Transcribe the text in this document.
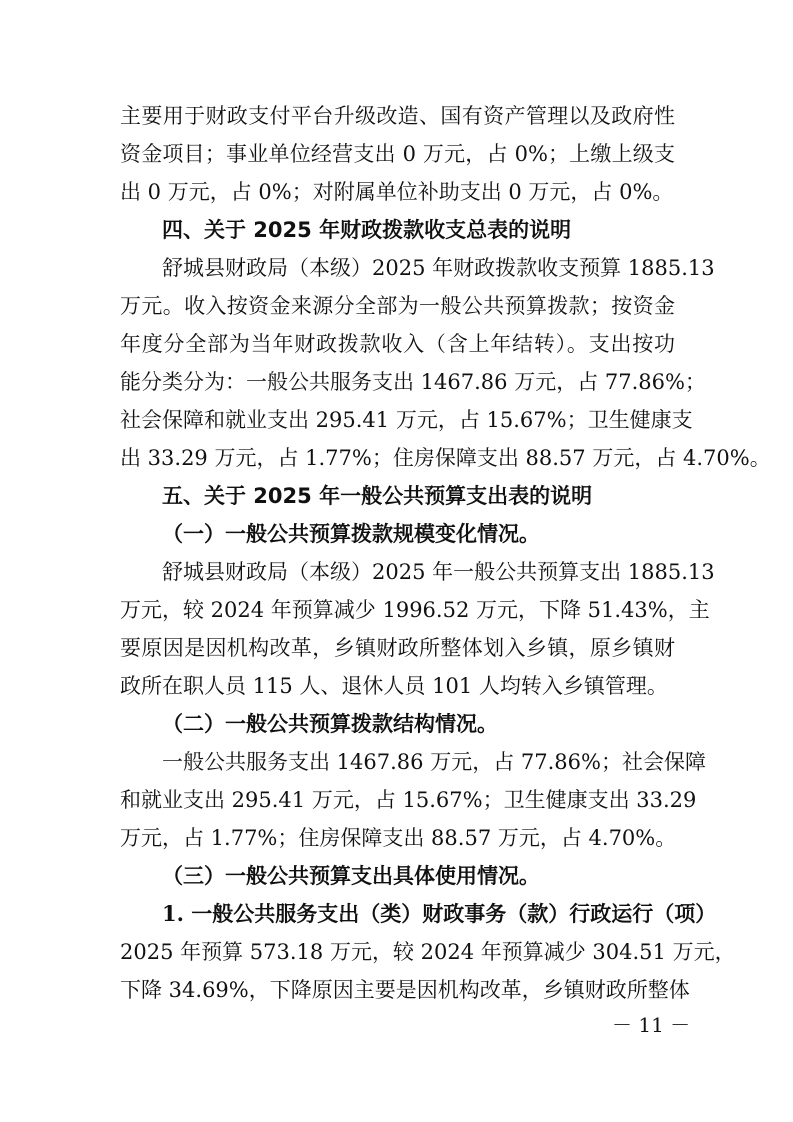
主要用于财政支付平台升级改造、国有资产管理以及政府性
资金项目；事业单位经营支出 0 万元，占 0%；上缴上级支
出 0 万元，占 0%；对附属单位补助支出 0 万元，占 0%。
四、关于 2025 年财政拨款收支总表的说明
舒城县财政局（本级）2025 年财政拨款收支预算 1885.13
万元。收入按资金来源分全部为一般公共预算拨款；按资金
年度分全部为当年财政拨款收入（含上年结转）。支出按功
能分类分为：一般公共服务支出 1467.86 万元，占 77.86%；
社会保障和就业支出 295.41 万元，占 15.67%；卫生健康支
出 33.29 万元，占 1.77%；住房保障支出 88.57 万元，占 4.70%。
五、关于 2025 年一般公共预算支出表的说明
（一）一般公共预算拨款规模变化情况。
舒城县财政局（本级）2025 年一般公共预算支出 1885.13
万元，较 2024 年预算减少 1996.52 万元，下降 51.43%，主
要原因是因机构改革，乡镇财政所整体划入乡镇，原乡镇财
政所在职人员 115 人、退休人员 101 人均转入乡镇管理。
（二）一般公共预算拨款结构情况。
一般公共服务支出 1467.86 万元，占 77.86%；社会保障
和就业支出 295.41 万元，占 15.67%；卫生健康支出 33.29
万元，占 1.77%；住房保障支出 88.57 万元，占 4.70%。
（三）一般公共预算支出具体使用情况。
1. 一般公共服务支出（类）财政事务（款）行政运行（项）
2025 年预算 573.18 万元，较 2024 年预算减少 304.51 万元，
下降 34.69%，下降原因主要是因机构改革，乡镇财政所整体
－ 11 －
